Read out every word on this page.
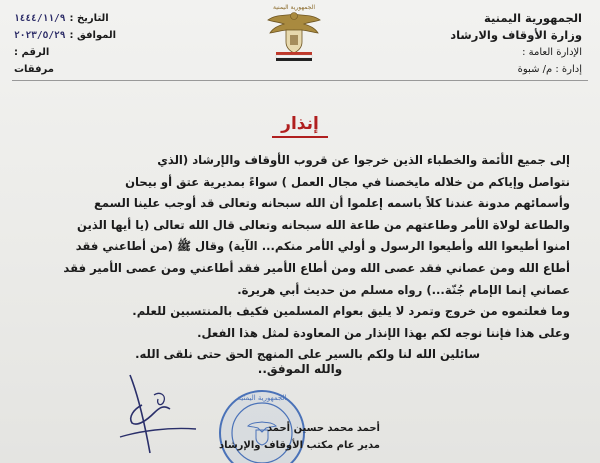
الجمهورية اليمنية
وزارة الأوقاف والارشاد
الإدارة العامة :
إدارة : م/ شبوة
الجمهورية اليمنية
التاريخ :
١٤٤٤/١١/٩
الموافق :
٢٠٢٣/٥/٢٩
الرقم :
مرفقات
إنذار
إلى جميع الأئمة والخطباء الذين خرجوا عن قروب الأوقاف والإرشاد (الذي
نتواصل وإياكم من خلاله مايخصنا في مجال العمل ) سواءً بمديرية عتق أو بيحان
وأسمائهم مدونة عندنا كلاً باسمه إعلموا أن الله سبحانه وتعالى قد أوجب علينا السمع
والطاعة لولاة الأمر وطاعتهم من طاعة الله سبحانه وتعالى قال الله تعالى (يا أيها الذين
امنوا أطيعوا الله وأطيعوا الرسول و أولي الأمر منكم... الآية) وقال ﷺ (من أطاعني فقد
أطاع الله ومن عصاني فقد عصى الله ومن أطاع الأمير فقد أطاعني ومن عصى الأمير فقد
عصاني إنما الإمام جُنّة...) رواه مسلم من حديث أبي هريرة.
وما فعلتموه من خروج وتمرد لا يليق بعوام المسلمين فكيف بالمنتسبين للعلم.
وعلى هذا فإننا نوجه لكم بهذا الإنذار من المعاودة لمثل هذا الفعل.
سائلين الله لنا ولكم بالسير على المنهج الحق حتى نلقى الله.
والله الموفق..
الجمهورية اليمنية
أحمد محمد حسين أحمد
مدير عام مكتب الأوقاف والإرشاد
